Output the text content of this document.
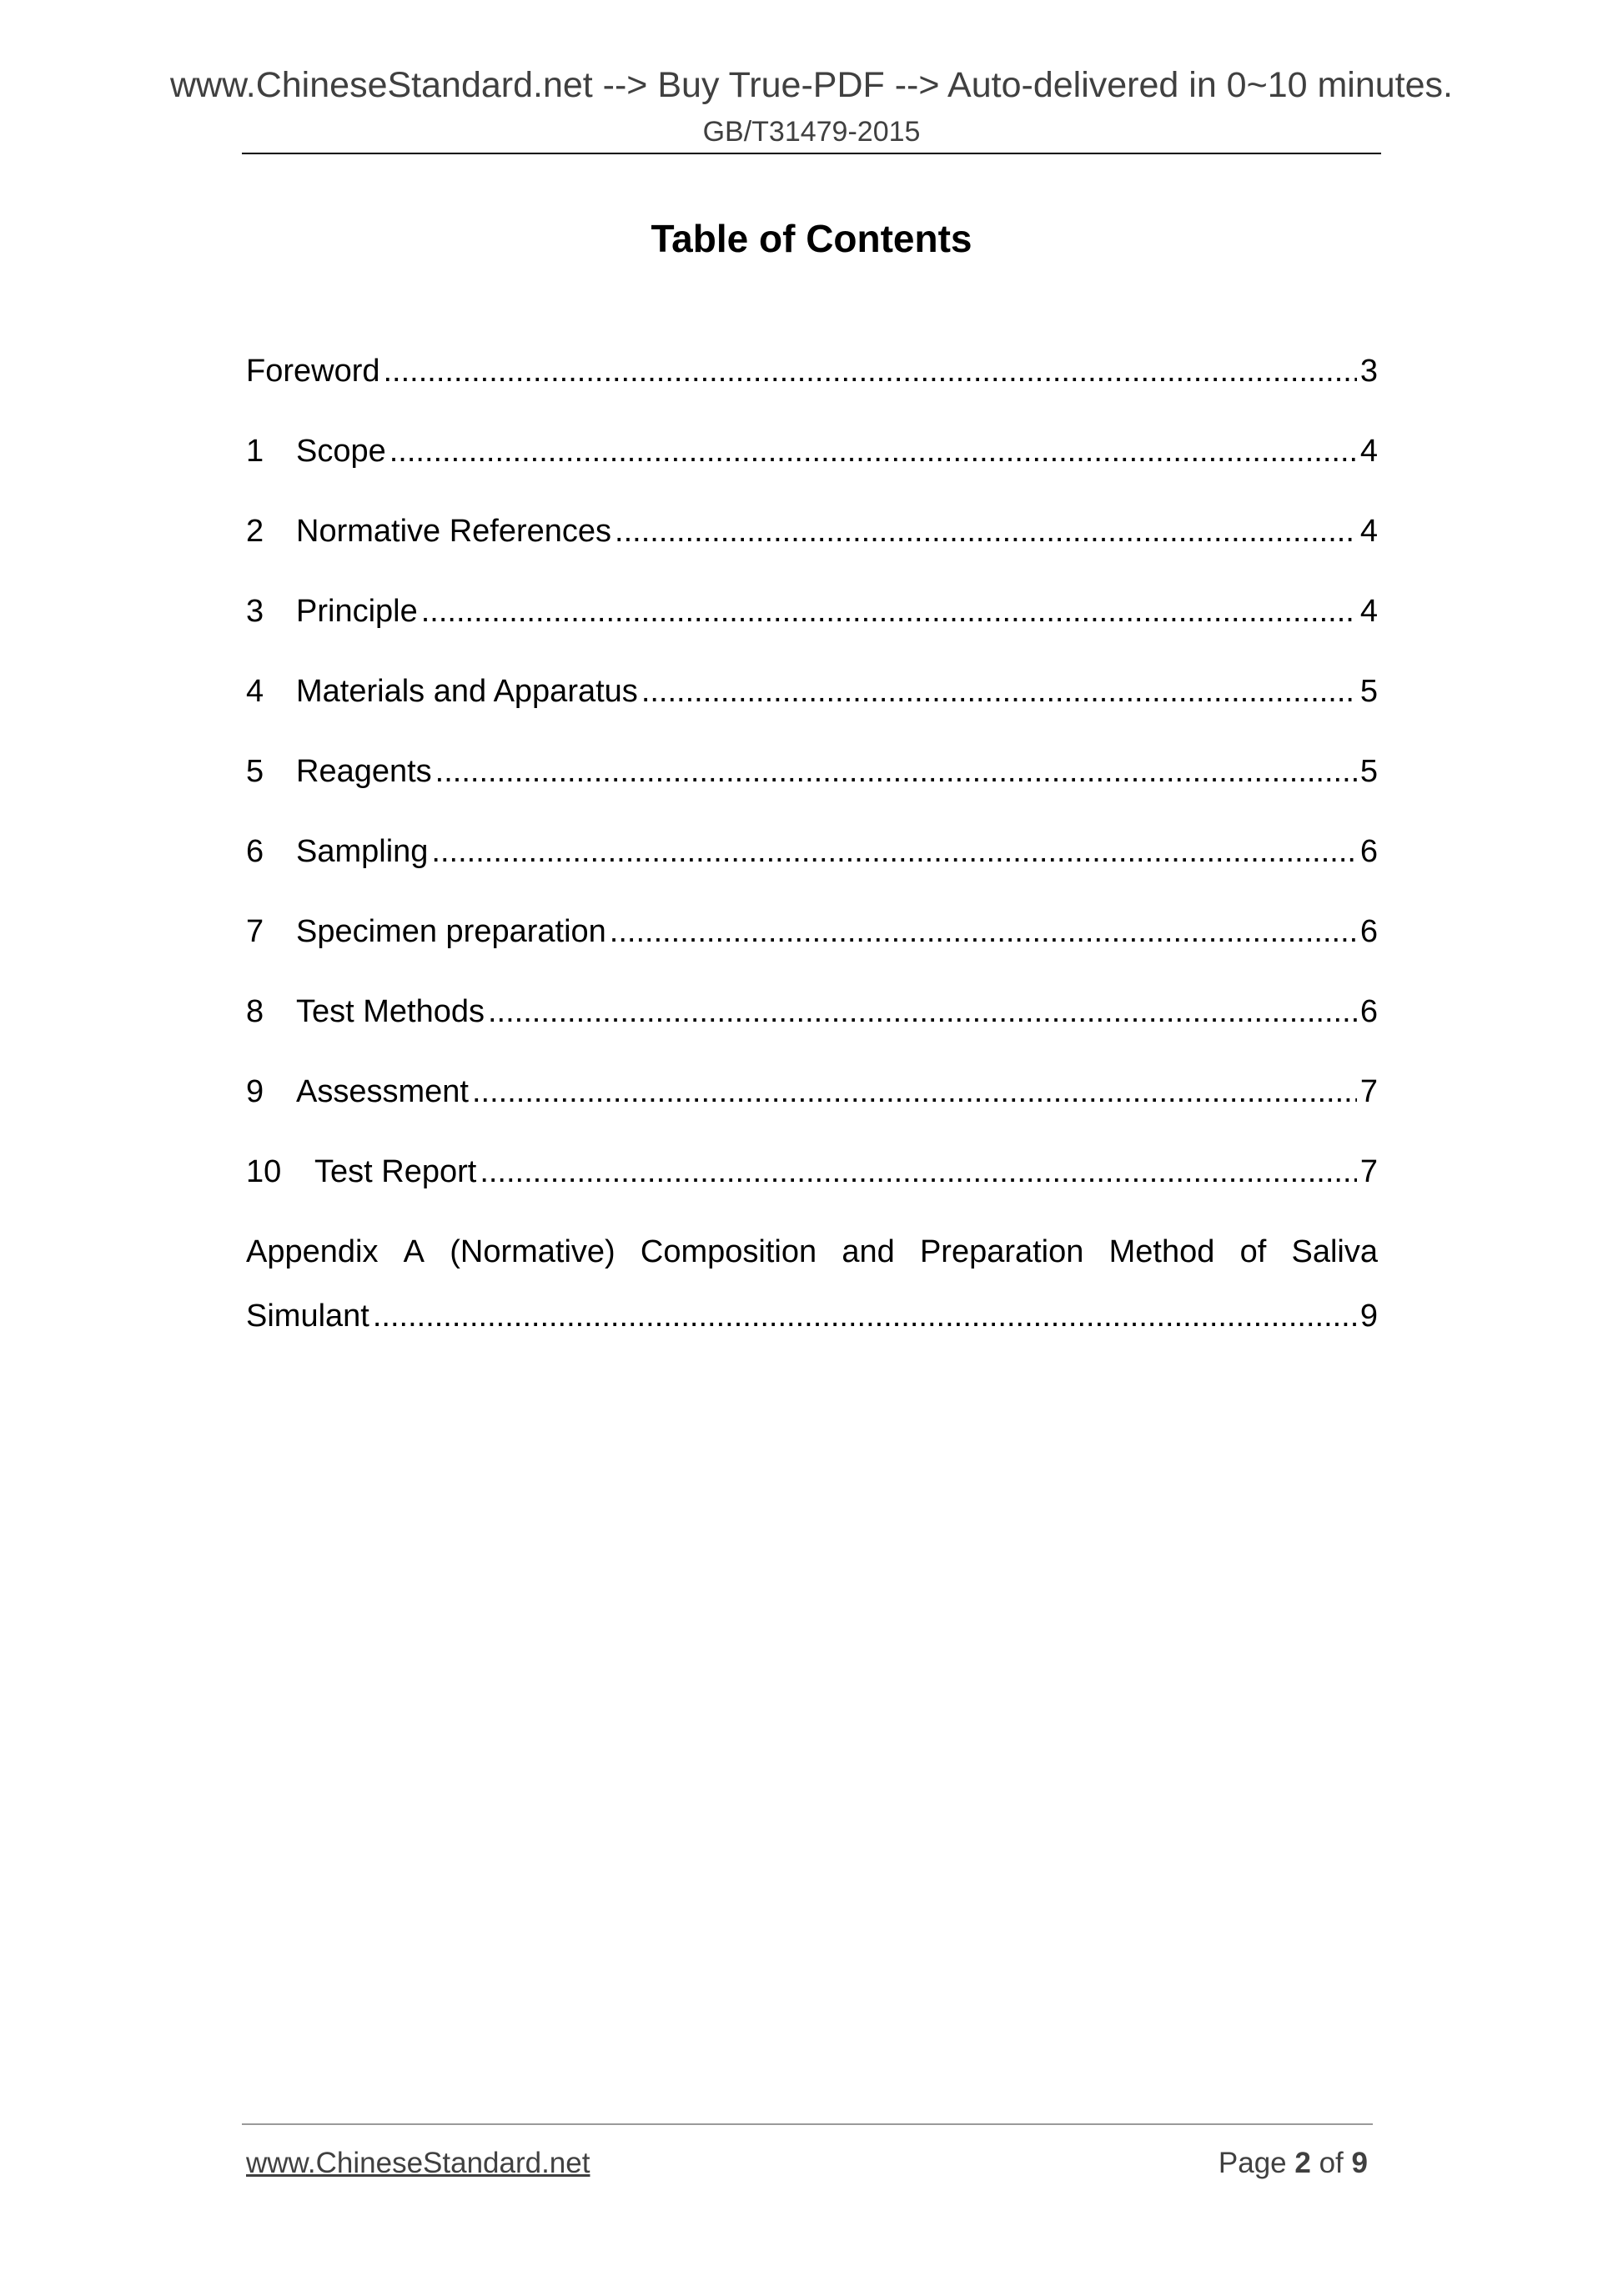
www.ChineseStandard.net --> Buy True-PDF --> Auto-delivered in 0~10 minutes.
GB/T31479-2015
Table of Contents
Foreword .....	3
1	Scope .....	4
2	Normative References .....	4
3	Principle .....	4
4	Materials and Apparatus .....	5
5	Reagents .....	5
6	Sampling .....	6
7	Specimen preparation .....	6
8	Test Methods .....	6
9	Assessment .....	7
10	Test Report .....	7
Appendix A (Normative) Composition and Preparation Method of Saliva
Simulant .....	9
www.ChineseStandard.net	Page 2 of 9
